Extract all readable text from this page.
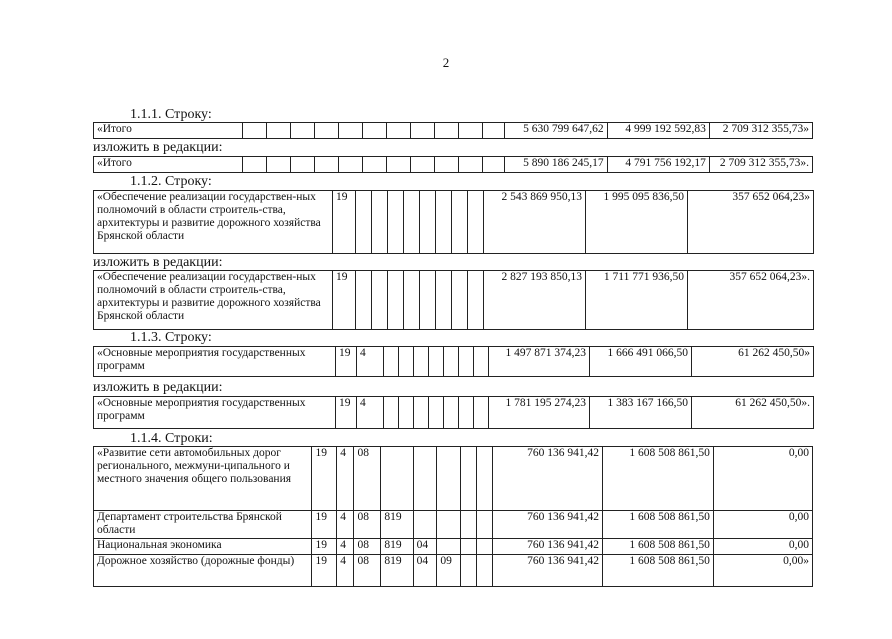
2
1.1.1. Строку:
«Итого												5 630 799 647,62	4 999 192 592,83	2 709 312 355,73»
изложить в редакции:
«Итого												5 890 186 245,17	4 791 756 192,17	2 709 312 355,73».
1.1.2. Строку:
«Обеспечение реализации государствен-ных полномочий в области строитель-ства, архитектуры и развитие дорожного хозяйства Брянской области	19									2 543 869 950,13	1 995 095 836,50	357 652 064,23»
изложить в редакции:
«Обеспечение реализации государствен-ных полномочий в области строитель-ства, архитектуры и развитие дорожного хозяйства Брянской области	19									2 827 193 850,13	1 711 771 936,50	357 652 064,23».
1.1.3. Строку:
«Основные мероприятия государственных программ	19	4								1 497 871 374,23	1 666 491 066,50	61 262 450,50»
изложить в редакции:
«Основные мероприятия государственных программ	19	4								1 781 195 274,23	1 383 167 166,50	61 262 450,50».
1.1.4. Строки:
«Развитие сети автомобильных дорог регионального, межмуни-ципального и местного значения общего пользования	19	4	08						760 136 941,42	1 608 508 861,50	0,00
Департамент строительства Брянской области	19	4	08	819					760 136 941,42	1 608 508 861,50	0,00
Национальная экономика	19	4	08	819	04				760 136 941,42	1 608 508 861,50	0,00
Дорожное хозяйство (дорожные фонды)	19	4	08	819	04	09			760 136 941,42	1 608 508 861,50	0,00»
